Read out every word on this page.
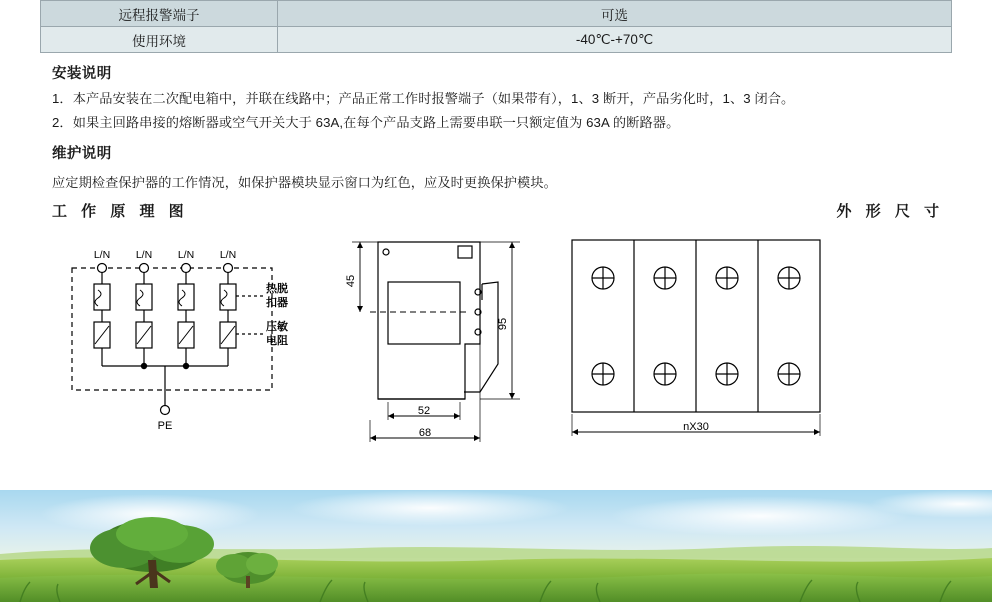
远程报警端子	可选
使用环境	-40℃-+70℃
安装说明

1．本产品安装在二次配电箱中，并联在线路中；产品正常工作时报警端子（如果带有），1、3 断开，产品劣化时，1、3 闭合。

2．如果主回路串接的熔断器或空气开关大于 63A,在每个产品支路上需要串联一只额定值为 63A 的断路器。

维护说明

应定期检查保护器的工作情况，如保护器模块显示窗口为红色，应及时更换保护模块。

工 作 原 理 图	外 形 尺 寸
L/N L/N L/N L/N
热脱
扣器
压敏
电阻
PE
45
95
52
68	nX30
